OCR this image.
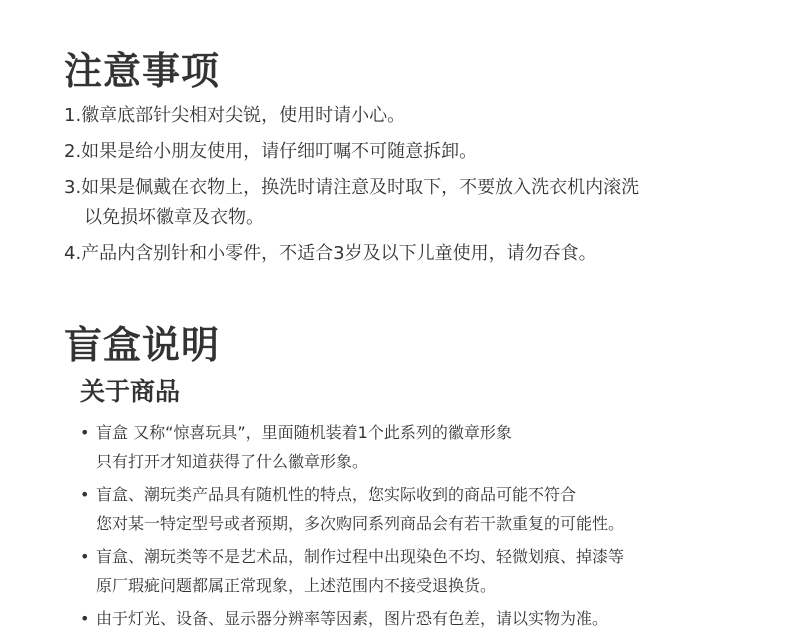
注意事项
1.徽章底部针尖相对尖锐，使用时请小心。
2.如果是给小朋友使用，请仔细叮嘱不可随意拆卸。
3.如果是佩戴在衣物上，换洗时请注意及时取下，不要放入洗衣机内滚洗
以免损坏徽章及衣物。
4.产品内含别针和小零件，不适合3岁及以下儿童使用，请勿吞食。
盲盒说明
关于商品
• 盲盒 又称“惊喜玩具”，里面随机装着1个此系列的徽章形象
只有打开才知道获得了什么徽章形象。
• 盲盒、潮玩类产品具有随机性的特点，您实际收到的商品可能不符合
您对某一特定型号或者预期，多次购同系列商品会有若干款重复的可能性。
• 盲盒、潮玩类等不是艺术品，制作过程中出现染色不均、轻微划痕、掉漆等
原厂瑕疵问题都属正常现象，上述范围内不接受退换货。
• 由于灯光、设备、显示器分辨率等因素，图片恐有色差，请以实物为准。
